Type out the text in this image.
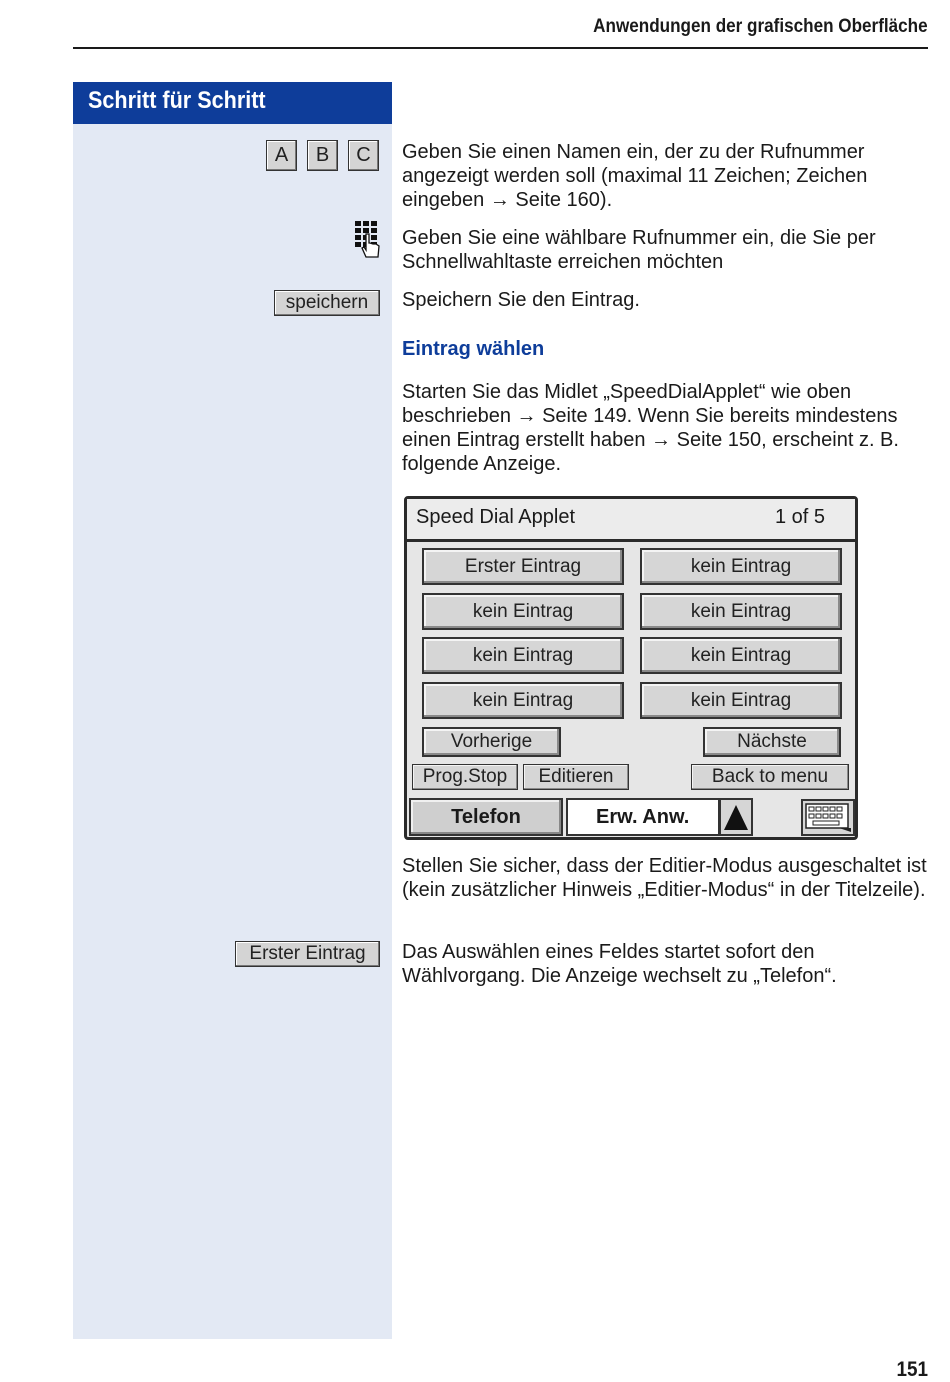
Anwendungen der grafischen Oberfläche
Schritt für Schritt
A	B	C
speichern
Erster Eintrag
Geben Sie einen Namen ein, der zu der Rufnummer angezeigt werden soll (maximal 11 Zeichen; Zeichen eingeben → Seite 160).
Geben Sie eine wählbare Rufnummer ein, die Sie per Schnellwahltaste erreichen möchten
Speichern Sie den Eintrag.
Eintrag wählen
Starten Sie das Midlet „SpeedDialApplet“ wie oben beschrieben → Seite 149. Wenn Sie bereits mindestens einen Eintrag erstellt haben → Seite 150, erscheint z. B. folgende Anzeige.
Speed Dial Applet	1 of 5
Erster Eintrag	kein Eintrag
kein Eintrag	kein Eintrag
kein Eintrag	kein Eintrag
kein Eintrag	kein Eintrag
Vorherige	Nächste
Prog.Stop	Editieren	Back to menu
Telefon	Erw. Anw.
Stellen Sie sicher, dass der Editier-Modus ausgeschaltet ist (kein zusätzlicher Hinweis „Editier-Modus“ in der Titelzeile).
Das Auswählen eines Feldes startet sofort den Wählvorgang. Die Anzeige wechselt zu „Telefon“.
151
